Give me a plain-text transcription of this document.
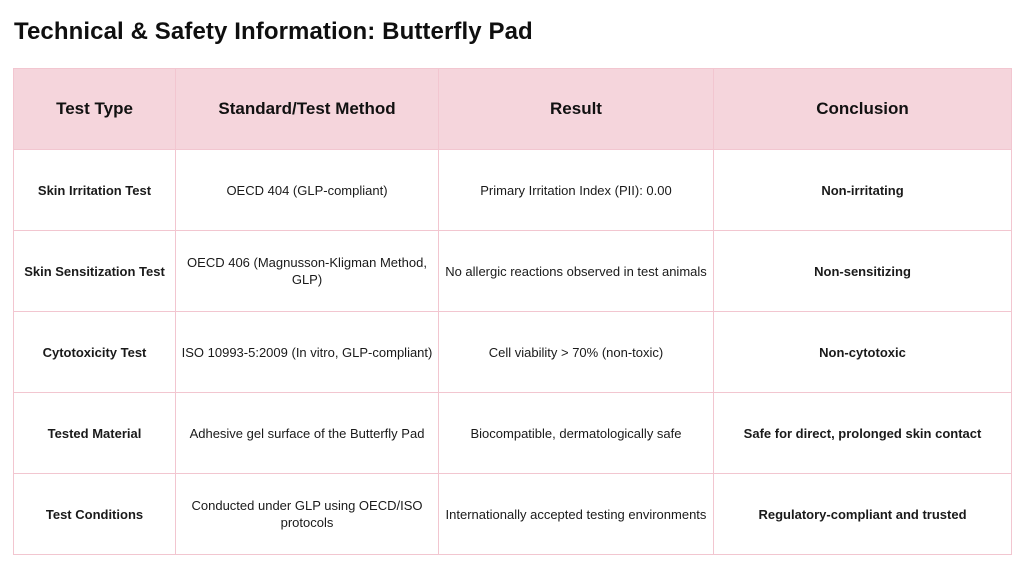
Technical & Safety Information: Butterfly Pad
Test Type	Standard/Test Method	Result	Conclusion
Skin Irritation Test	OECD 404 (GLP-compliant)	Primary Irritation Index (PII): 0.00	Non-irritating
Skin Sensitization Test	OECD 406 (Magnusson-Kligman Method, GLP)	No allergic reactions observed in test animals	Non-sensitizing
Cytotoxicity Test	ISO 10993-5:2009 (In vitro, GLP-compliant)	Cell viability > 70% (non-toxic)	Non-cytotoxic
Tested Material	Adhesive gel surface of the Butterfly Pad	Biocompatible, dermatologically safe	Safe for direct, prolonged skin contact
Test Conditions	Conducted under GLP using OECD/ISO protocols	Internationally accepted testing environments	Regulatory-compliant and trusted
